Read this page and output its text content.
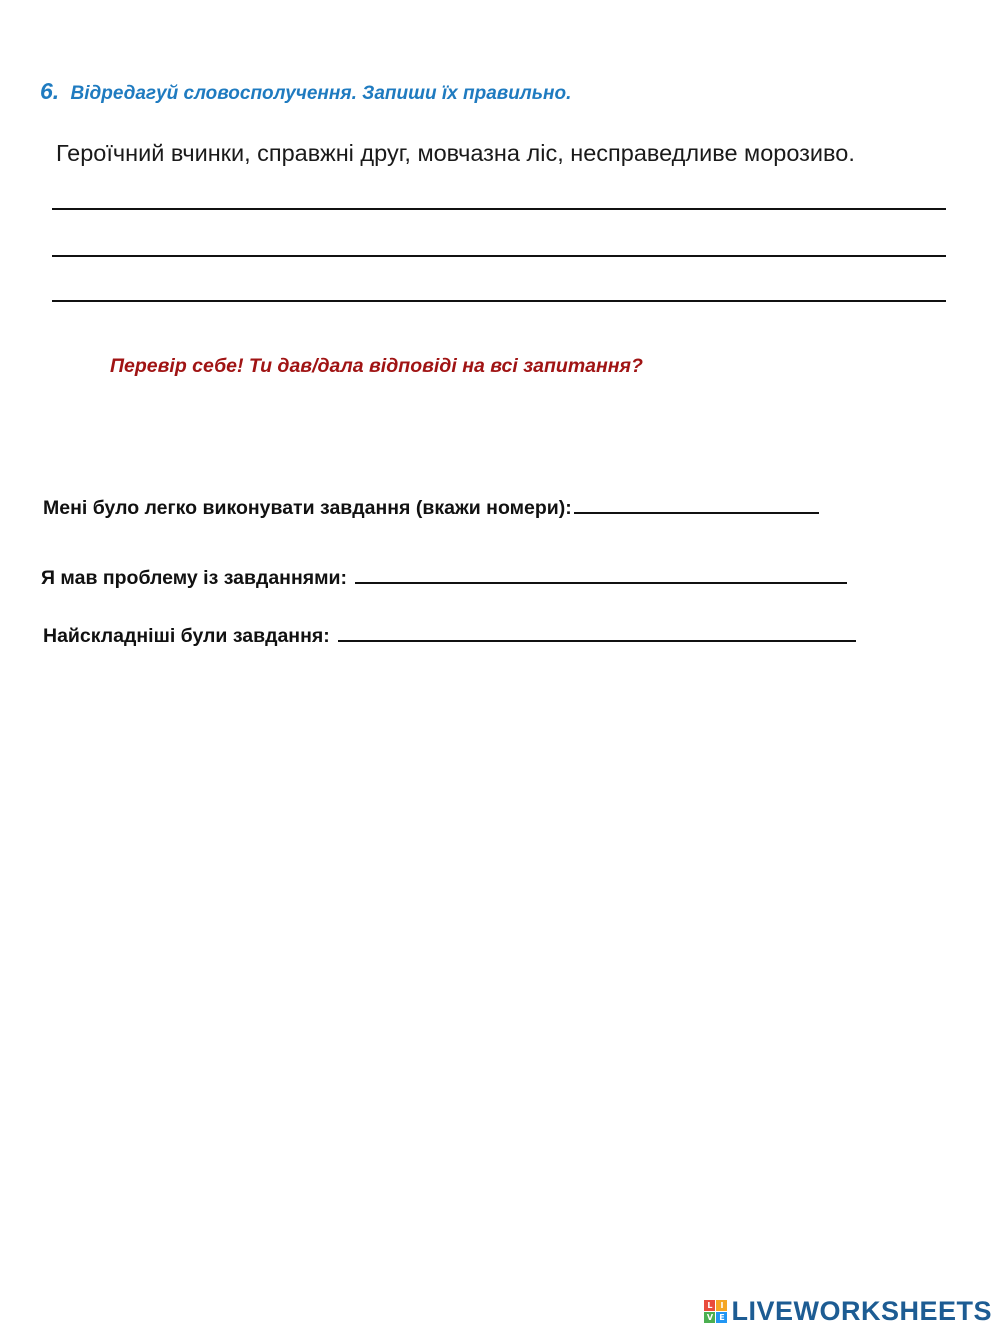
6. Відредагуй словосполучення. Запиши їх правильно.
Героїчний вчинки, справжні друг, мовчазна ліс, несправедливе морозиво.
Перевір себе! Ти дав/дала відповіді на всі запитання?
Мені було легко виконувати завдання (вкажи номери):
Я мав проблему із завданнями:
Найскладніші були завдання:
L I
V E LIVEWORKSHEETS
